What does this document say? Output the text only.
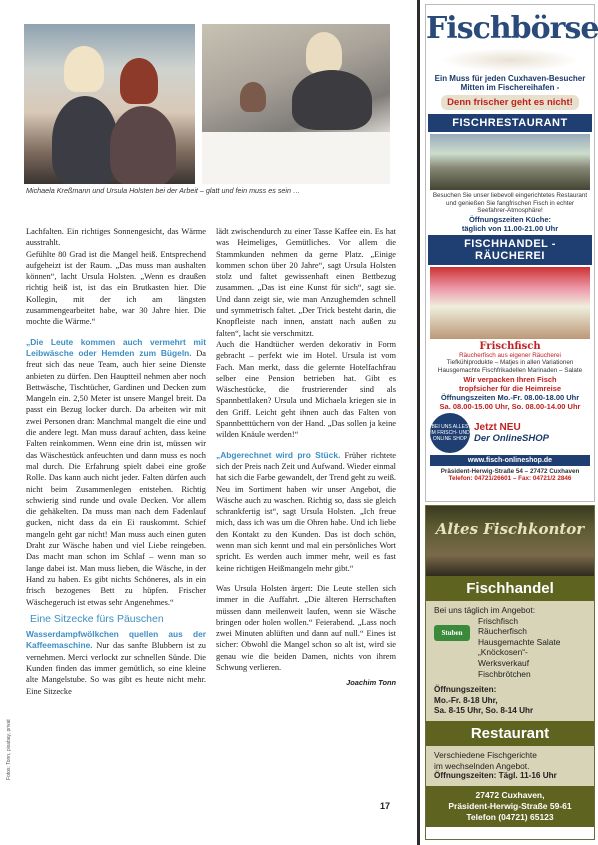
Michaela Kreßmann und Ursula Holsten bei der Arbeit – glatt und fein muss es sein …

Lachfalten. Ein richtiges Sonnengesicht, das Wärme ausstrahlt.

Gefühlte 80 Grad ist die Mangel heiß. Entsprechend aufgeheizt ist der Raum. „Das muss man aushalten können“, lacht Ursula Holsten. „Wenn es draußen richtig heiß ist, ist das ein Brutkasten hier. Die Kollegin, mit der ich am längsten zusammengearbeitet habe, war 30 Jahre hier. Die mochte die Wärme.“

„Die Leute kommen auch vermehrt mit Leibwäsche oder Hemden zum Bügeln. Da freut sich das neue Team, auch hier seine Dienste anbieten zu dürfen. Den Hauptteil nehmen aber noch Bettwäsche, Tischtücher, Gardinen und Decken zum Mangeln ein. 2,50 Meter ist unsere Mangel breit. Da passt ein Bezug locker durch. Da arbeiten wir mit zwei Personen dran: Manchmal mangelt die eine und die andere legt. Man muss darauf achten, dass keine Falten reinkommen. Wenn eine drin ist, müssen wir das Wäschestück anfeuchten und dann muss es noch mal durch. Die Erfahrung spielt dabei eine große Rolle. Das kann auch nicht jeder. Falten dürfen auch nicht beim Zusammenlegen entstehen. Richtig schwierig sind runde und ovale Decken. Vor allem die gehäkelten. Da muss man nach dem Fadenlauf gucken, nicht dass da ein Ei rauskommt. Schief mangeln geht gar nicht! Man muss auch einen guten Draht zur Wäsche haben und viel Liebe reingeben. Das macht man schon im Schlaf – wenn man so lange dabei ist. Man muss lieben, die Wäsche, in der Hand zu haben. Es gibt nichts Schöneres, als in ein frisch bezogenes Bett zu hüpfen. Frischer Wäschegeruch ist etwas sehr Angenehmes.“

Eine Sitzecke fürs Päuschen

Wasserdampfwölkchen quellen aus der Kaffeemaschine. Nur das sanfte Blubbern ist zu vernehmen. Merci verlockt zur schnellen Sünde. Die Kunden finden das immer gemütlich, so eine kleine alte Mangelstube. So was gibt es heute nicht mehr. Eine Sitzecke

lädt zwischendurch zu einer Tasse Kaffee ein. Es hat was Heimeliges, Gemütliches. Vor allem die Stammkunden nehmen da gerne Platz. „Einige kommen schon über 20 Jahre“, sagt Ursula Holsten stolz und faltet gewissenhaft einen Bettbezug zusammen. „Das ist eine Kunst für sich“, sagt sie. Und dann zeigt sie, wie man Anzughemden schnell und symmetrisch faltet. „Der Trick besteht darin, die Knopfleiste nach innen, anstatt nach außen zu falten“, lacht sie verschmitzt.

Auch die Handtücher werden dekorativ in Form gebracht – perfekt wie im Hotel. Ursula ist vom Fach. Man merkt, dass die gelernte Hotelfachfrau selber eine Pension betrieben hat. Gibt es Wäschestücke, die frustrierender sind als Spannbettlaken? Ursula und Michaela kriegen sie in den Griff. Leicht geht ihnen auch das Falten von Spannbetttüchern von der Hand. „Das sollen ja keine wilden Knäule werden!“

„Abgerechnet wird pro Stück. Früher richtete sich der Preis nach Zeit und Aufwand. Wieder einmal hat sich die Farbe gewandelt, der Trend geht zu weiß. Neu im Sortiment haben wir unser Angebot, die Wäsche auch zu waschen. Richtig so, dass sie gleich schrankfertig ist“, sagt Ursula Holsten. „Ich freue mich, dass ich was um die Ohren habe. Und ich liebe den Kontakt zu den Kunden. Das ist doch schön, wenn man sich kennt und mal ein persönliches Wort spricht. Es werden auch immer mehr, weil es fast keine richtigen Heißmangeln mehr gibt.“

Was Ursula Holsten ärgert: Die Leute stellen sich immer in die Auffahrt. „Die älteren Herrschaften müssen dann meilenweit laufen, wenn sie Wäsche bringen oder holen wollen.“ Feierabend. „Lass noch zwei Minuten ablüften und dann auf null.“ Eines ist sicher: Obwohl die Mangel schon so alt ist, wird sie genau wie die beiden Damen, nichts von ihrem Schwung verlieren.

Joachim Tonn
17
Fotos: Tonn, pixabay, privat
Fischbörse
Ein Muss für jeden Cuxhaven-Besucher
Mitten im Fischereihafen -
Denn frischer geht es nicht!
FISCHRESTAURANT
Besuchen Sie unser liebevoll eingerichtetes Restaurant und genießen Sie fangfrischen Fisch in echter Seefahrer-Atmosphäre!
Öffnungszeiten Küche:
täglich von 11.00-21.00 Uhr
FISCHHANDEL - RÄUCHEREI
Frischfisch
Räucherfisch aus eigener Räucherei
Tiefkühlprodukte – Matjes in allen Variationen
Hausgemachte Fischfrikadellen Marinaden – Salate
Wir verpacken Ihren Fisch
tropfsicher für die Heimreise
Öffnungszeiten Mo.-Fr. 08.00-18.00 Uhr
Sa. 08.00-15.00 Uhr, So. 08.00-14.00 Uhr
BEI UNS ALLES IM FRISCH- UND ONLINE SHOP
Jetzt NEU
Der OnlineSHOP
www.fisch-onlineshop.de
Präsident-Herwig-Straße 54 – 27472 Cuxhaven
Telefon: 04721/26601 – Fax: 04721/2 2846
Altes Fischkontor
Fischhandel
Bei uns täglich im Angebot:
Frischfisch
Räucherfisch
Hausgemachte Salate
„Knöckosen“-
Werksverkauf
Fischbrötchen
Öffnungszeiten:
Mo.-Fr. 8-18 Uhr,
Sa. 8-15 Uhr, So. 8-14 Uhr
Restaurant
Verschiedene Fischgerichte
im wechselnden Angebot.
Öffnungszeiten: Tägl. 11-16 Uhr
27472 Cuxhaven,
Präsident-Herwig-Straße 59-61
Telefon (04721) 65123
Stuben
